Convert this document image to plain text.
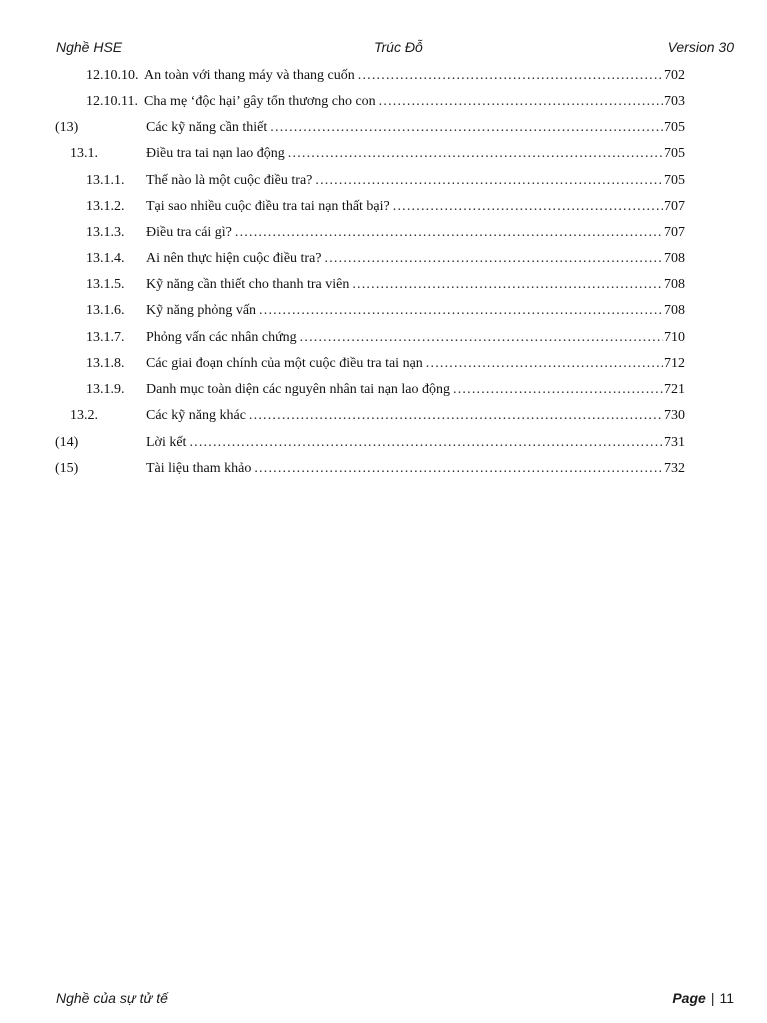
Nghề HSE	Trúc Đỗ	Version 30
12.10.10. An toàn với thang máy và thang cuốn .....	702
12.10.11. Cha mẹ ‘độc hại’ gây tổn thương cho con .....	703
(13)	Các kỹ năng cần thiết .....	705
13.1.	Điều tra tai nạn lao động .....	705
13.1.1. Thế nào là một cuộc điều tra? .....	705
13.1.2. Tại sao nhiều cuộc điều tra tai nạn thất bại? .....	707
13.1.3. Điều tra cái gì? .....	707
13.1.4. Ai nên thực hiện cuộc điều tra? .....	708
13.1.5. Kỹ năng cần thiết cho thanh tra viên .....	708
13.1.6. Kỹ năng phỏng vấn .....	708
13.1.7. Phỏng vấn các nhân chứng .....	710
13.1.8. Các giai đoạn chính của một cuộc điều tra tai nạn .....	712
13.1.9. Danh mục toàn diện các nguyên nhân tai nạn lao động .....	721
13.2.	Các kỹ năng khác .....	730
(14)	Lời kết .....	731
(15)	Tài liệu tham khảo .....	732
Nghề của sự tử tế	Page | 11
